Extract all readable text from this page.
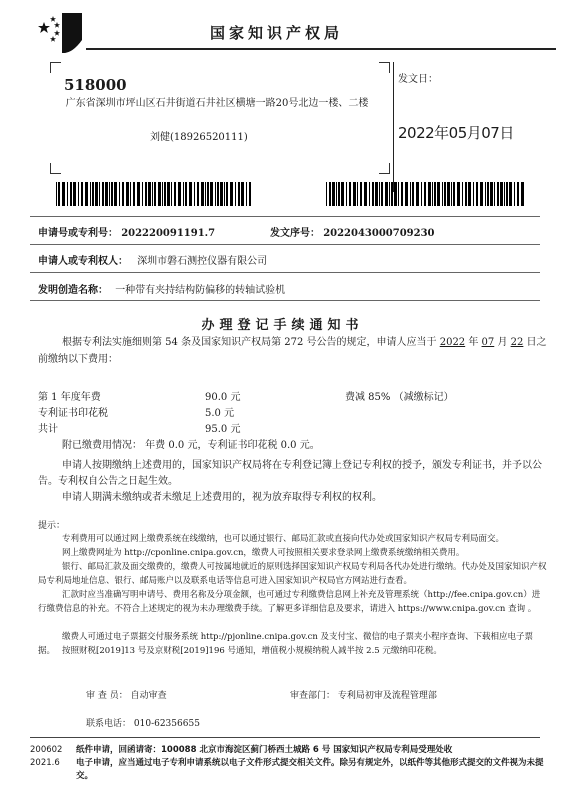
国家知识产权局
518000
广东省深圳市坪山区石井街道石井社区横塘一路20号北边一楼、二楼
刘健(18926520111)
发文日：
2022年05月07日
申请号或专利号： 202220091191.7	发文序号： 2022043000709230
申请人或专利权人： 深圳市磐石测控仪器有限公司
发明创造名称： 一种带有夹持结构防偏移的转轴试验机
办理登记手续通知书
根据专利法实施细则第 54 条及国家知识产权局第 272 号公告的规定，申请人应当于 2022 年 07 月 22 日之前缴纳以下费用：
第 1 年度年费	90.0 元	费减 85% （减缴标记）
专利证书印花税	5.0 元
共计	95.0 元
附已缴费用情况： 年费 0.0 元，专利证书印花税 0.0 元。
申请人按期缴纳上述费用的，国家知识产权局将在专利登记簿上登记专利权的授予，颁发专利证书，并予以公告。专利权自公告之日起生效。
申请人期满未缴纳或者未缴足上述费用的，视为放弃取得专利权的权利。
提示：
专利费用可以通过网上缴费系统在线缴纳，也可以通过银行、邮局汇款或直接向代办处或国家知识产权局专利局面交。
网上缴费网址为 http://cponline.cnipa.gov.cn，缴费人可按照相关要求登录网上缴费系统缴纳相关费用。
银行、邮局汇款及面交缴费的，缴费人可按属地就近的原则选择国家知识产权局专利局各代办处进行缴纳。代办处及国家知识产权局专利局地址信息、银行、邮局账户以及联系电话等信息可进入国家知识产权局官方网站进行查看。
汇款时应当准确写明申请号、费用名称及分项金额，也可通过专利缴费信息网上补充及管理系统（http://fee.cnipa.gov.cn）进行缴费信息的补充。不符合上述规定的视为未办理缴费手续。了解更多详细信息及要求，请进入 https://www.cnipa.gov.cn 查询 。
缴费人可通过电子票据交付服务系统 http://pjonline.cnipa.gov.cn 及支付宝、微信的电子票夹小程序查询、下载相应电子票据。 按照财税[2019]13 号及京财税[2019]196 号通知，增值税小规模纳税人减半按 2.5 元缴纳印花税。
审 查 员： 自动审查	审查部门： 专利局初审及流程管理部
联系电话： 010-62356655
200602
2021.6
纸件申请，回函请寄：100088 北京市海淀区蓟门桥西土城路 6 号 国家知识产权局专利局受理处收
电子申请，应当通过电子专利申请系统以电子文件形式提交相关文件。除另有规定外，以纸件等其他形式提交的文件视为未提交。
